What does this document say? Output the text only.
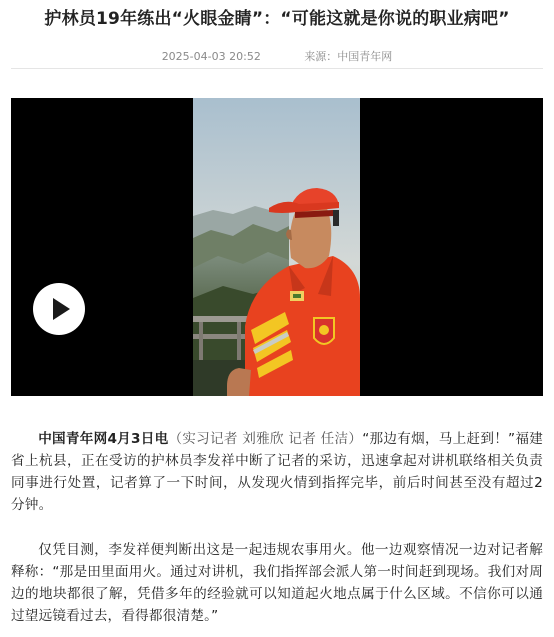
护林员19年练出“火眼金睛”：“可能这就是你说的职业病吧”
2025-04-03 20:52	来源：中国青年网

中国青年网4月3日电（实习记者 刘雅欣 记者 任洁）“那边有烟，马上赶到！”福建省上杭县，正在受访的护林员李发祥中断了记者的采访，迅速拿起对讲机联络相关负责同事进行处置，记者算了一下时间，从发现火情到指挥完毕，前后时间甚至没有超过2分钟。

仅凭目测，李发祥便判断出这是一起违规农事用火。他一边观察情况一边对记者解释称：“那是田里面用火。通过对讲机，我们指挥部会派人第一时间赶到现场。我们对周边的地块都很了解，凭借多年的经验就可以知道起火地点属于什么区域。不信你可以通过望远镜看过去，看得都很清楚。”
